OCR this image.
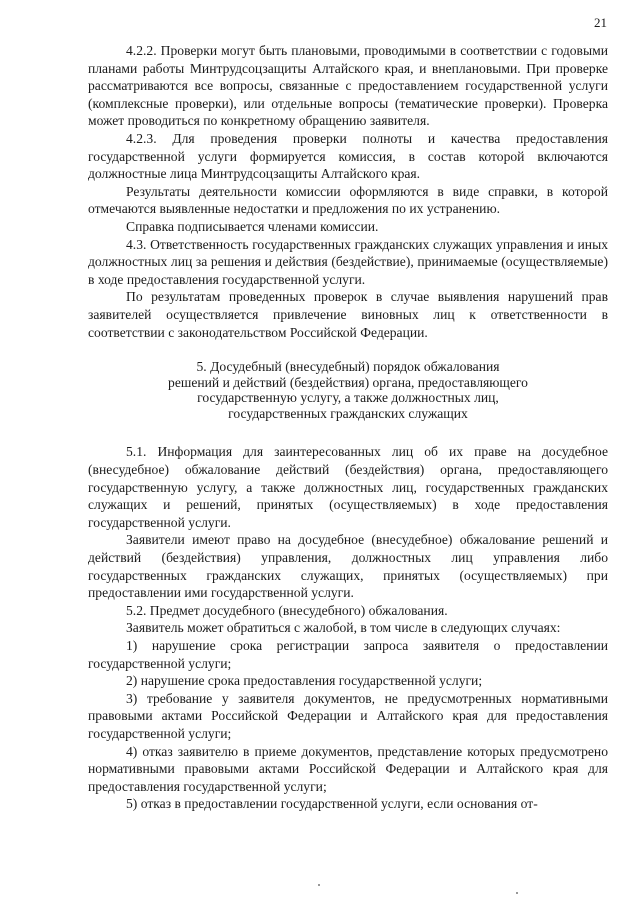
21

4.2.2. Проверки могут быть плановыми, проводимыми в соответствии с годовыми планами работы Минтрудсоцзащиты Алтайского края, и внеплановыми. При проверке рассматриваются все вопросы, связанные с предоставлением государственной услуги (комплексные проверки), или отдельные вопросы (тематические проверки). Проверка может проводиться по конкретному обращению заявителя.

4.2.3. Для проведения проверки полноты и качества предоставления государственной услуги формируется комиссия, в состав которой включаются должностные лица Минтрудсоцзащиты Алтайского края.

Результаты деятельности комиссии оформляются в виде справки, в которой отмечаются выявленные недостатки и предложения по их устранению.

Справка подписывается членами комиссии.

4.3. Ответственность государственных гражданских служащих управления и иных должностных лиц за решения и действия (бездействие), принимаемые (осуществляемые) в ходе предоставления государственной услуги.

По результатам проведенных проверок в случае выявления нарушений прав заявителей осуществляется привлечение виновных лиц к ответственности в соответствии с законодательством Российской Федерации.

5. Досудебный (внесудебный) порядок обжалования
решений и действий (бездействия) органа, предоставляющего
государственную услугу, а также должностных лиц,
государственных гражданских служащих

5.1. Информация для заинтересованных лиц об их праве на досудебное (внесудебное) обжалование действий (бездействия) органа, предоставляющего государственную услугу, а также должностных лиц, государственных гражданских служащих и решений, принятых (осуществляемых) в ходе предоставления государственной услуги.

Заявители имеют право на досудебное (внесудебное) обжалование решений и действий (бездействия) управления, должностных лиц управления либо государственных гражданских служащих, принятых (осуществляемых) при предоставлении ими государственной услуги.

5.2. Предмет досудебного (внесудебного) обжалования.

Заявитель может обратиться с жалобой, в том числе в следующих случаях:

1) нарушение срока регистрации запроса заявителя о предоставлении государственной услуги;

2) нарушение срока предоставления государственной услуги;

3) требование у заявителя документов, не предусмотренных нормативными правовыми актами Российской Федерации и Алтайского края для предоставления государственной услуги;

4) отказ заявителю в приеме документов, представление которых предусмотрено нормативными правовыми актами Российской Федерации и Алтайского края для предоставления государственной услуги;

5) отказ в предоставлении государственной услуги, если основания от-
